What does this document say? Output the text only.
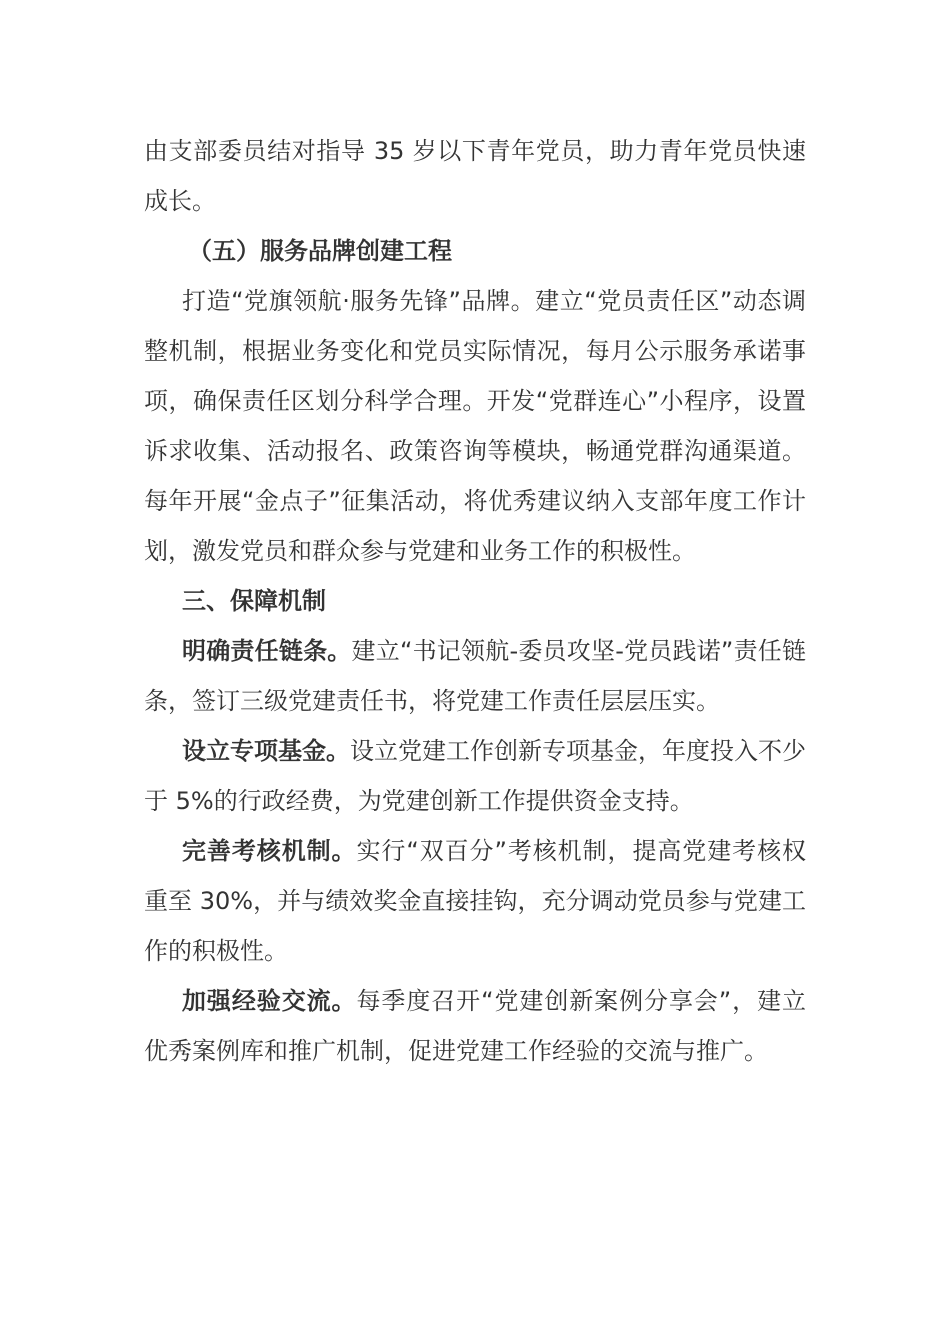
由支部委员结对指导 35 岁以下青年党员，助力青年党员快速成长。

（五）服务品牌创建工程

打造“党旗领航·服务先锋”品牌。建立“党员责任区”动态调整机制，根据业务变化和党员实际情况，每月公示服务承诺事项，确保责任区划分科学合理。开发“党群连心”小程序，设置诉求收集、活动报名、政策咨询等模块，畅通党群沟通渠道。每年开展“金点子”征集活动，将优秀建议纳入支部年度工作计划，激发党员和群众参与党建和业务工作的积极性。

三、保障机制

明确责任链条。建立“书记领航-委员攻坚-党员践诺”责任链条，签订三级党建责任书，将党建工作责任层层压实。

设立专项基金。设立党建工作创新专项基金，年度投入不少于 5%的行政经费，为党建创新工作提供资金支持。

完善考核机制。实行“双百分”考核机制，提高党建考核权重至 30%，并与绩效奖金直接挂钩，充分调动党员参与党建工作的积极性。

加强经验交流。每季度召开“党建创新案例分享会”，建立优秀案例库和推广机制，促进党建工作经验的交流与推广。
